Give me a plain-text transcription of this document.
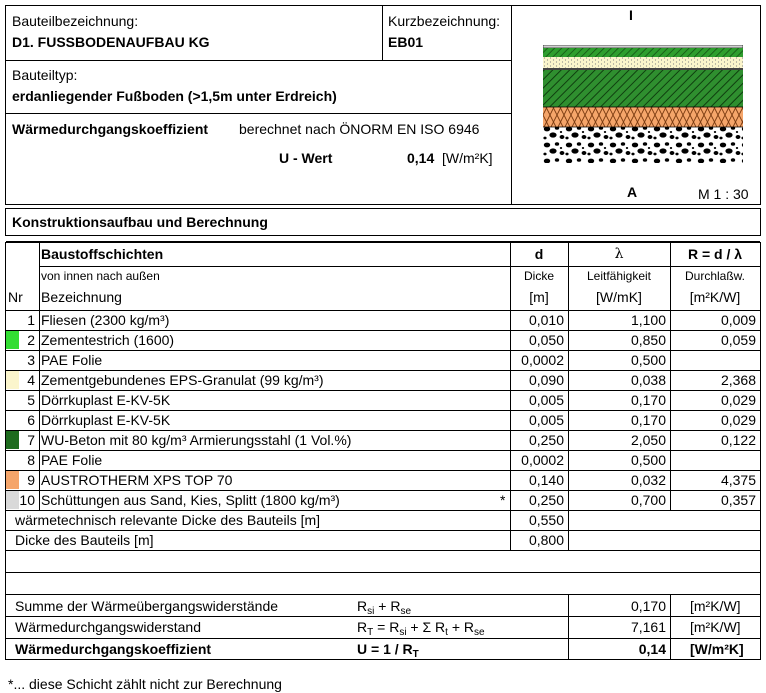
Bauteilbezeichnung:
D1. FUSSBODENAUFBAU KG
Kurzbezeichnung:
EB01
Bauteiltyp:
erdanliegender Fußboden (>1,5m unter Erdreich)
Wärmedurchgangskoeffizient berechnet nach ÖNORM EN ISO 6946
U - Wert	0,14 [W/m²K]
I
A	M 1 : 30
Konstruktionsaufbau und Berechnung
Baustoffschichten	d	λ	R = d / λ
von innen nach außen	Dicke	Leitfähigkeit	Durchlaßw.
Nr Bezeichnung	[m]	[W/mK]	[m²K/W]
1 Fliesen (2300 kg/m³)	0,010	1,100	0,009
2 Zementestrich (1600)	0,050	0,850	0,059
3 PAE Folie	0,0002	0,500
4 Zementgebundenes EPS-Granulat (99 kg/m³)	0,090	0,038	2,368
5 Dörrkuplast E-KV-5K	0,005	0,170	0,029
6 Dörrkuplast E-KV-5K	0,005	0,170	0,029
7 WU-Beton mit 80 kg/m³ Armierungsstahl (1 Vol.%)	0,250	2,050	0,122
8 PAE Folie	0,0002	0,500
9 AUSTROTHERM XPS TOP 70	0,140	0,032	4,375
10 Schüttungen aus Sand, Kies, Splitt (1800 kg/m³)	*	0,250	0,700	0,357
wärmetechnisch relevante Dicke des Bauteils [m]	0,550
Dicke des Bauteils [m]	0,800
Summe der Wärmeübergangswiderstände	$R_{si} + R_{se}$	0,170 [m²K/W]
Wärmedurchgangswiderstand	$R_T = R_{si} + \Sigma$ $R_t + R_{se}$	7,161 [m²K/W]
Wärmedurchgangskoeffizient	$U = 1 / R_T$	0,14 [W/m²K]
*... diese Schicht zählt nicht zur Berechnung
